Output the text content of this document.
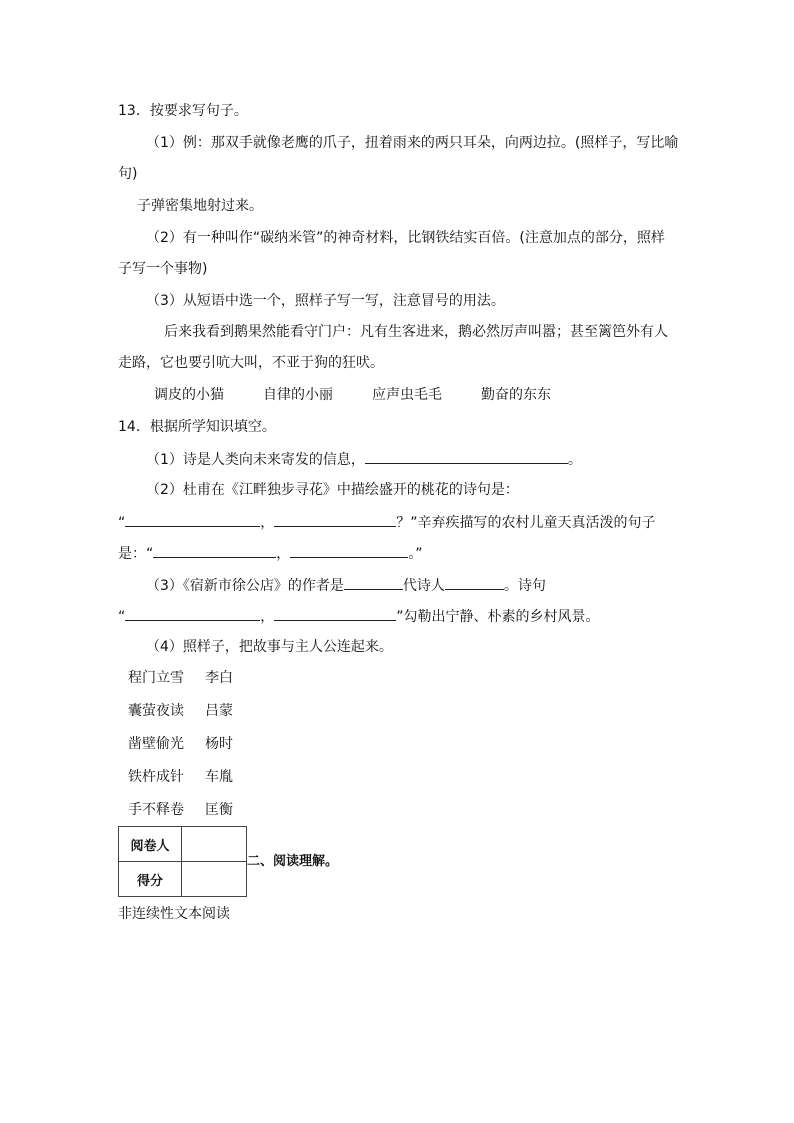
13．按要求写句子。
（1）例：那双手就像老鹰的爪子，扭着雨来的两只耳朵，向两边拉。(照样子，写比喻
句)
子弹密集地射过来。
（2）有一种叫作“碳纳米管”的神奇材料，比钢铁结实百倍。(注意加点的部分，照样
子写一个事物)
（3）从短语中选一个，照样子写一写，注意冒号的用法。
后来我看到鹅果然能看守门户：凡有生客进来，鹅必然厉声叫嚣；甚至篱笆外有人
走路，它也要引吭大叫，不亚于狗的狂吠。
调皮的小猫	自律的小丽	应声虫毛毛	勤奋的东东
14．根据所学知识填空。
（1）诗是人类向未来寄发的信息，	。
（2）杜甫在《江畔独步寻花》中描绘盛开的桃花的诗句是：
“	，	？”辛弃疾描写的农村儿童天真活泼的句子
是：“	，	。”
（3）《宿新市徐公店》的作者是	代诗人	。诗句
“	，	”勾勒出宁静、朴素的乡村风景。
（4）照样子，把故事与主人公连起来。
程门立雪 李白
囊萤夜读 吕蒙
凿壁偷光 杨时
铁杵成针 车胤
手不释卷 匡衡
阅卷人	
得分	
二、阅读理解。
非连续性文本阅读
